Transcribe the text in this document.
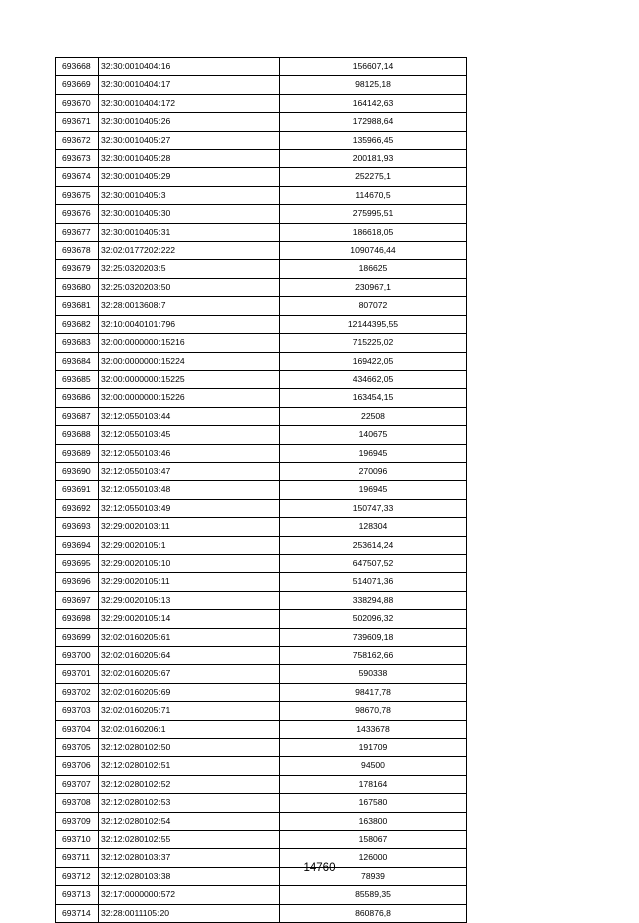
693668	32:30:0010404:16	156607,14
693669	32:30:0010404:17	98125,18
693670	32:30:0010404:172	164142,63
693671	32:30:0010405:26	172988,64
693672	32:30:0010405:27	135966,45
693673	32:30:0010405:28	200181,93
693674	32:30:0010405:29	252275,1
693675	32:30:0010405:3	114670,5
693676	32:30:0010405:30	275995,51
693677	32:30:0010405:31	186618,05
693678	32:02:0177202:222	1090746,44
693679	32:25:0320203:5	186625
693680	32:25:0320203:50	230967,1
693681	32:28:0013608:7	807072
693682	32:10:0040101:796	12144395,55
693683	32:00:0000000:15216	715225,02
693684	32:00:0000000:15224	169422,05
693685	32:00:0000000:15225	434662,05
693686	32:00:0000000:15226	163454,15
693687	32:12:0550103:44	22508
693688	32:12:0550103:45	140675
693689	32:12:0550103:46	196945
693690	32:12:0550103:47	270096
693691	32:12:0550103:48	196945
693692	32:12:0550103:49	150747,33
693693	32:29:0020103:11	128304
693694	32:29:0020105:1	253614,24
693695	32:29:0020105:10	647507,52
693696	32:29:0020105:11	514071,36
693697	32:29:0020105:13	338294,88
693698	32:29:0020105:14	502096,32
693699	32:02:0160205:61	739609,18
693700	32:02:0160205:64	758162,66
693701	32:02:0160205:67	590338
693702	32:02:0160205:69	98417,78
693703	32:02:0160205:71	98670,78
693704	32:02:0160206:1	1433678
693705	32:12:0280102:50	191709
693706	32:12:0280102:51	94500
693707	32:12:0280102:52	178164
693708	32:12:0280102:53	167580
693709	32:12:0280102:54	163800
693710	32:12:0280102:55	158067
693711	32:12:0280103:37	126000
693712	32:12:0280103:38	78939
693713	32:17:0000000:572	85589,35
693714	32:28:0011105:20	860876,8
14760
